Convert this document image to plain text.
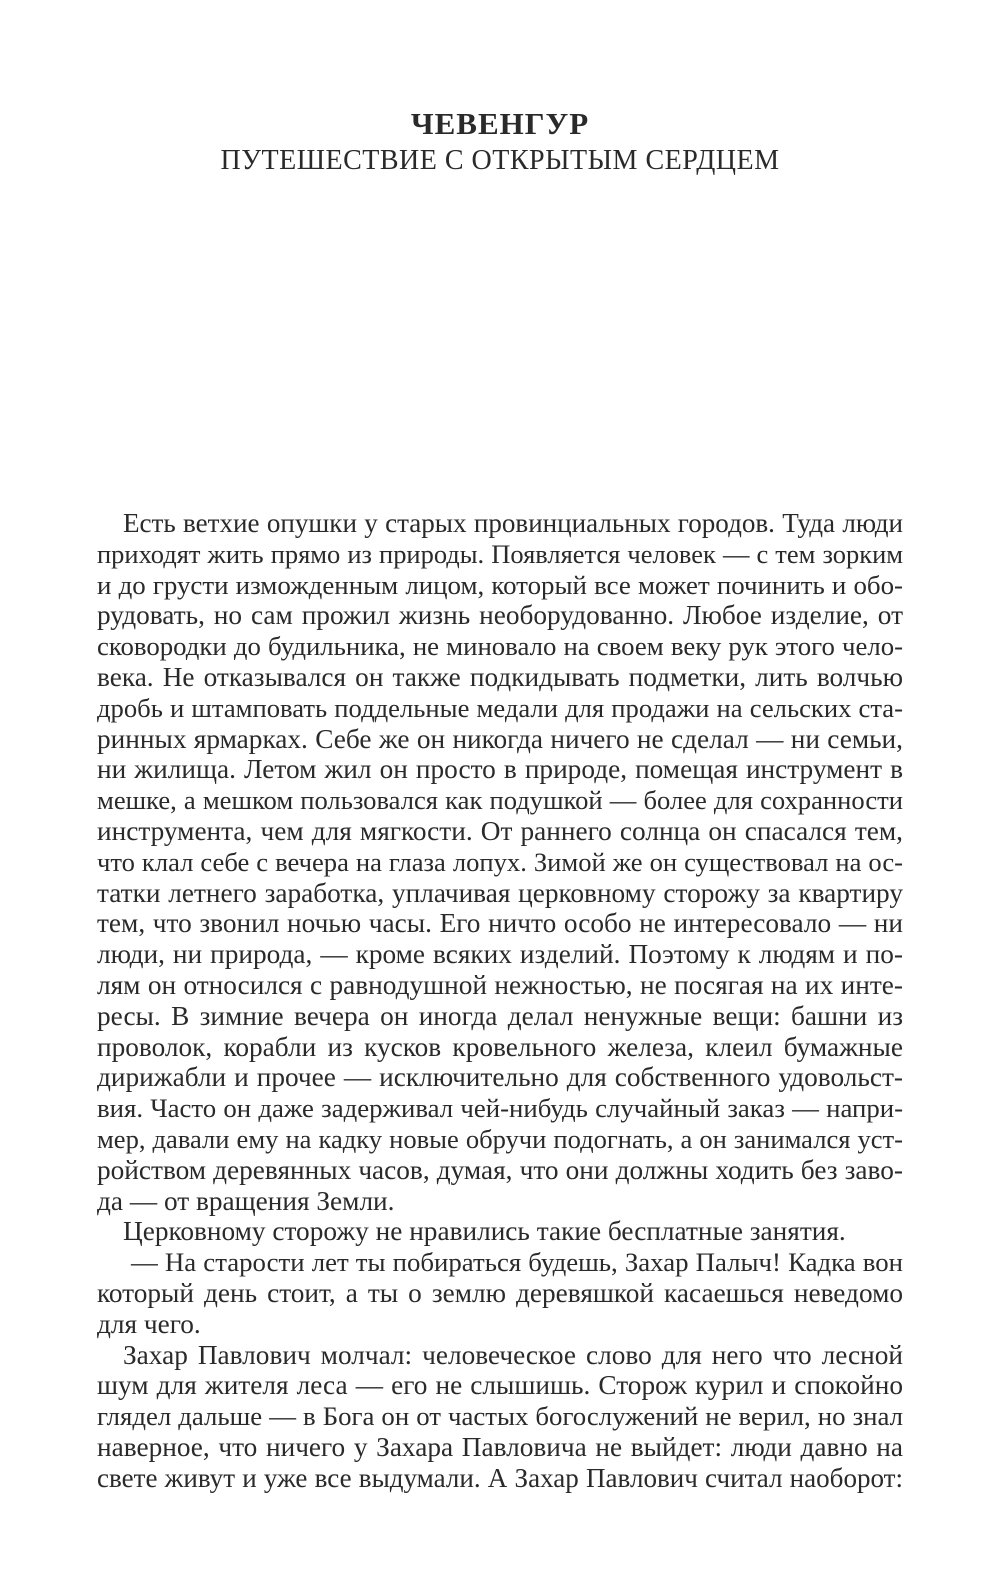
ЧЕВЕНГУР
ПУТЕШЕСТВИЕ С ОТКРЫТЫМ СЕРДЦЕМ
Есть ветхие опушки у старых провинциальных городов. Туда люди
приходят жить прямо из природы. Появляется человек — с тем зорким
и до грусти изможденным лицом, который все может починить и обо-
рудовать, но сам прожил жизнь необорудованно. Любое изделие, от
сковородки до будильника, не миновало на своем веку рук этого чело-
века. Не отказывался он также подкидывать подметки, лить волчью
дробь и штамповать поддельные медали для продажи на сельских ста-
ринных ярмарках. Себе же он никогда ничего не сделал — ни семьи,
ни жилища. Летом жил он просто в природе, помещая инструмент в
мешке, а мешком пользовался как подушкой — более для сохранности
инструмента, чем для мягкости. От раннего солнца он спасался тем,
что клал себе с вечера на глаза лопух. Зимой же он существовал на ос-
татки летнего заработка, уплачивая церковному сторожу за квартиру
тем, что звонил ночью часы. Его ничто особо не интересовало — ни
люди, ни природа, — кроме всяких изделий. Поэтому к людям и по-
лям он относился с равнодушной нежностью, не посягая на их инте-
ресы. В зимние вечера он иногда делал ненужные вещи: башни из
проволок, корабли из кусков кровельного железа, клеил бумажные
дирижабли и прочее — исключительно для собственного удовольст-
вия. Часто он даже задерживал чей-нибудь случайный заказ — напри-
мер, давали ему на кадку новые обручи подогнать, а он занимался уст-
ройством деревянных часов, думая, что они должны ходить без заво-
да — от вращения Земли.
Церковному сторожу не нравились такие бесплатные занятия.
— На старости лет ты побираться будешь, Захар Палыч! Кадка вон
который день стоит, а ты о землю деревяшкой касаешься неведомо
для чего.
Захар Павлович молчал: человеческое слово для него что лесной
шум для жителя леса — его не слышишь. Сторож курил и спокойно
глядел дальше — в Бога он от частых богослужений не верил, но знал
наверное, что ничего у Захара Павловича не выйдет: люди давно на
свете живут и уже все выдумали. А Захар Павлович считал наоборот:
